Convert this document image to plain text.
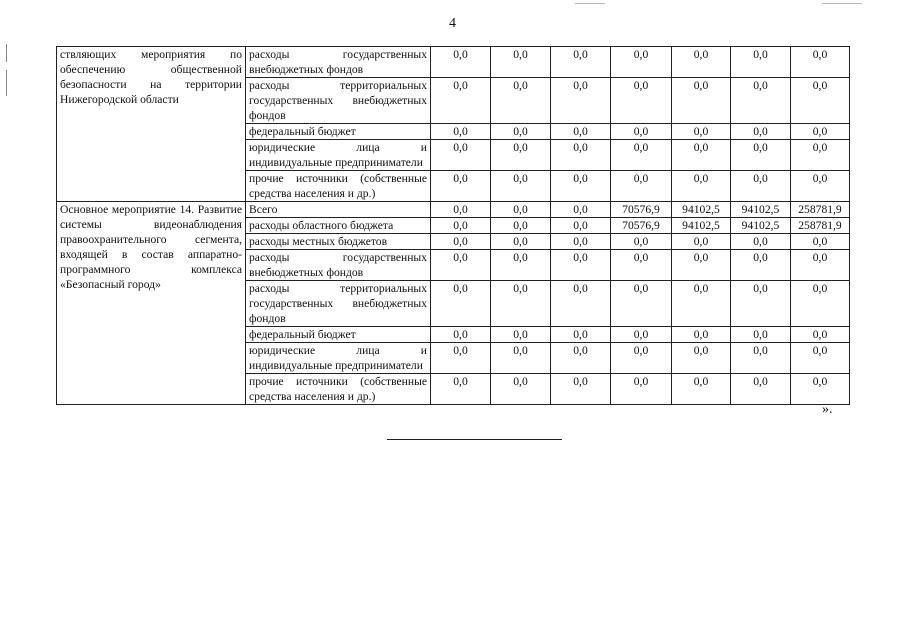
4
ствляющих мероприятия по обеспечению общественной безопасности на территории Нижегородской области	расходы государственных внебюджетных фондов	0,0	0,0	0,0	0,0	0,0	0,0	0,0
	расходы территориальных государственных внебюджетных фондов	0,0	0,0	0,0	0,0	0,0	0,0	0,0
	федеральный бюджет	0,0	0,0	0,0	0,0	0,0	0,0	0,0
	юридические лица и индивидуальные предприниматели	0,0	0,0	0,0	0,0	0,0	0,0	0,0
	прочие источники (собственные средства населения и др.)	0,0	0,0	0,0	0,0	0,0	0,0	0,0
Основное мероприятие 14. Развитие системы видеонаблюдения правоохранительного сегмента, входящей в состав аппаратно-программного комплекса «Безопасный город»	Всего	0,0	0,0	0,0	70576,9	94102,5	94102,5	258781,9
	расходы областного бюджета	0,0	0,0	0,0	70576,9	94102,5	94102,5	258781,9
	расходы местных бюджетов	0,0	0,0	0,0	0,0	0,0	0,0	0,0
	расходы государственных внебюджетных фондов	0,0	0,0	0,0	0,0	0,0	0,0	0,0
	расходы территориальных государственных внебюджетных фондов	0,0	0,0	0,0	0,0	0,0	0,0	0,0
	федеральный бюджет	0,0	0,0	0,0	0,0	0,0	0,0	0,0
	юридические лица и индивидуальные предприниматели	0,0	0,0	0,0	0,0	0,0	0,0	0,0
	прочие источники (собственные средства населения и др.)	0,0	0,0	0,0	0,0	0,0	0,0	0,0
».
